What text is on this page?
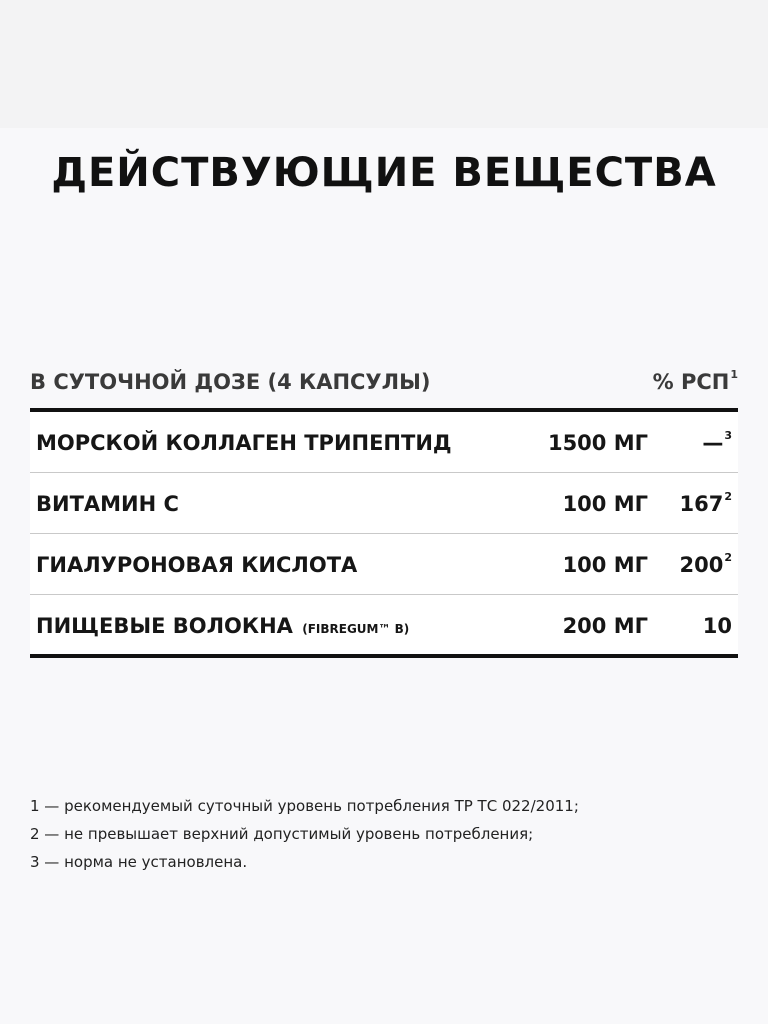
ДЕЙСТВУЮЩИЕ ВЕЩЕСТВА
В СУТОЧНОЙ ДОЗЕ (4 КАПСУЛЫ)	% РСП$^1$
МОРСКОЙ КОЛЛАГЕН ТРИПЕПТИД	1500 МГ	—$^3$
ВИТАМИН С	100 МГ $167^2$
ГИАЛУРОНОВАЯ КИСЛОТА	100 МГ $200^2$
ПИЩЕВЫЕ ВОЛОКНА (FIBREGUM™ B)	200 МГ	10
1 — рекомендуемый суточный уровень потребления ТР ТС 022/2011;
2 — не превышает верхний допустимый уровень потребления;
3 — норма не установлена.
